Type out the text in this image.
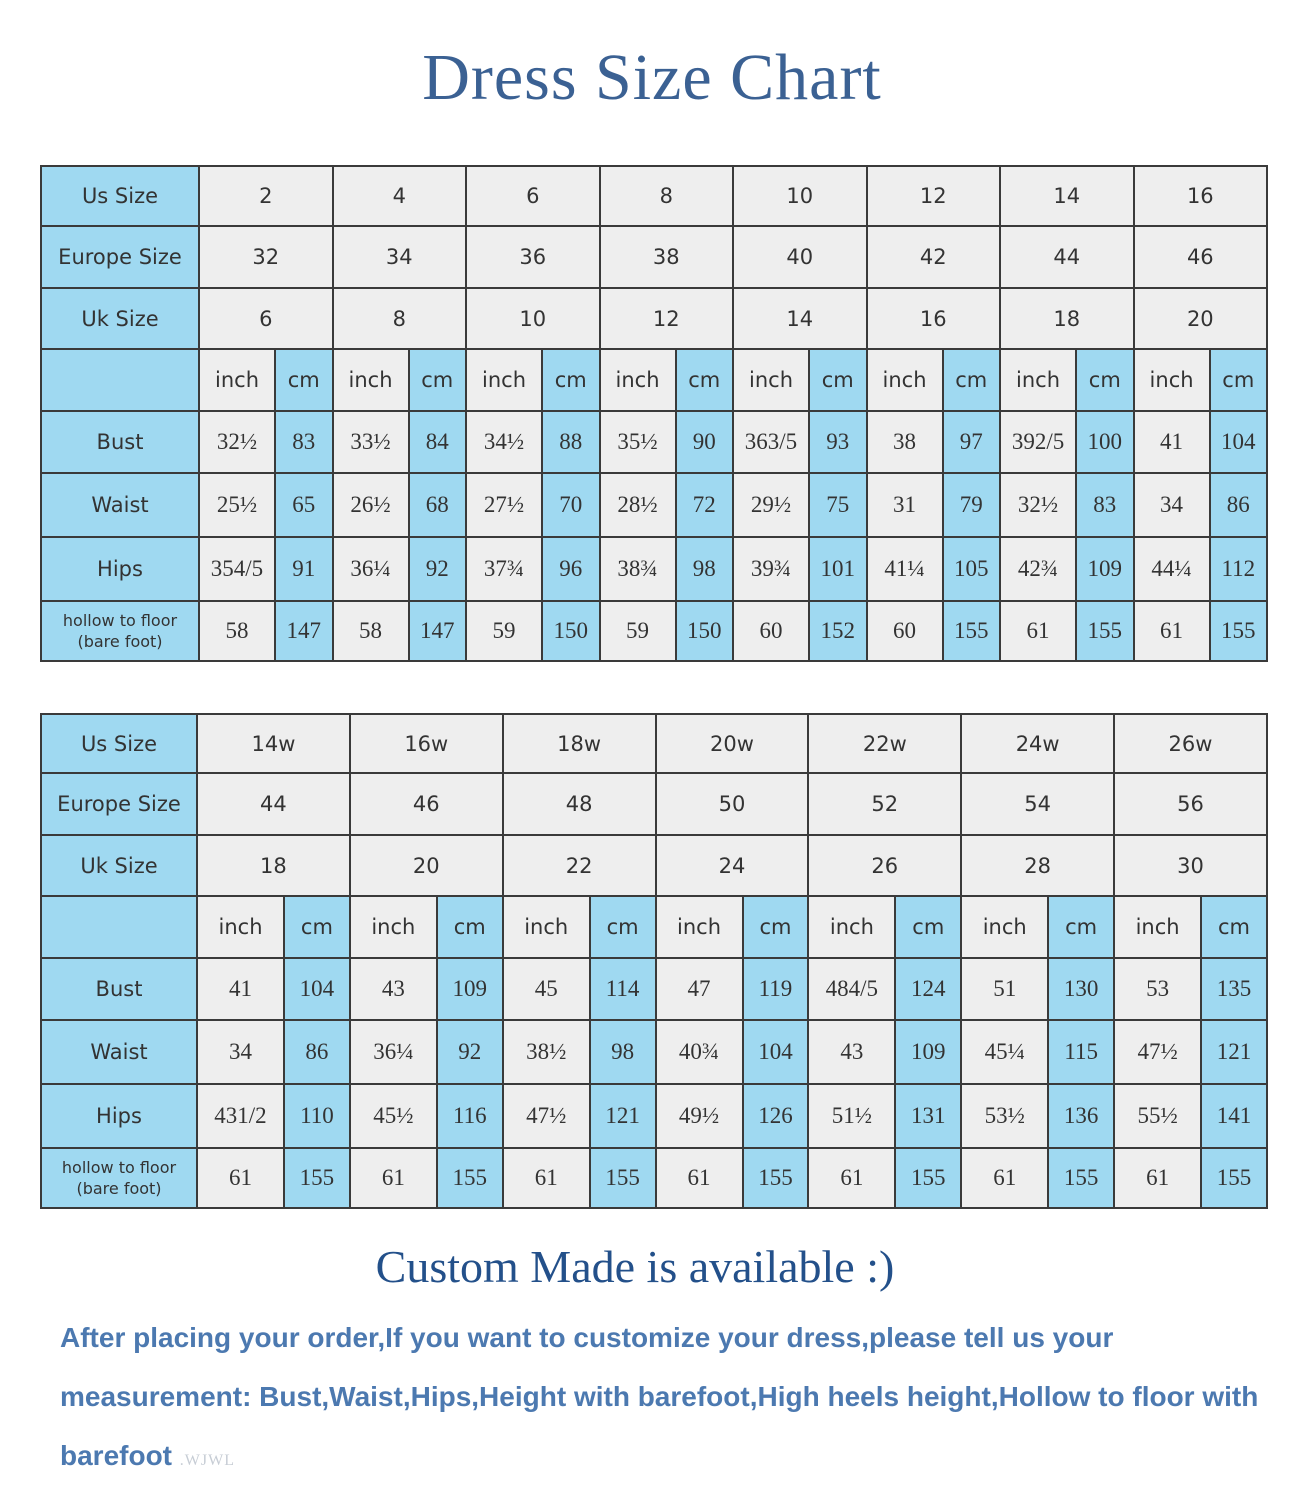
Dress Size Chart
Us Size	2		4		6		8		10		12		14		16	
Europe Size	32		34		36		38		40		42		44		46	
Uk Size	6		8		10		12		14		16		18		20	
	inch	cm	inch	cm	inch	cm	inch	cm	inch	cm	inch	cm	inch	cm	inch	cm
Bust	32½	83	33½	84	34½	88	35½	90	363/5	93	38	97	392/5	100	41	104
Waist	25½	65	26½	68	27½	70	28½	72	29½	75	31	79	32½	83	34	86
Hips	354/5	91	36¼	92	37¾	96	38¾	98	39¾	101	41¼	105	42¾	109	44¼	112

hollow to floor
(bare foot)	58	147	58	147	59	150	59	150	60	152	60	155	61	155	61	155
Us Size	14w		16w		18w		20w		22w		24w		26w	
Europe Size	44		46		48		50		52		54		56	
Uk Size	18		20		22		24		26		28		30	
	inch	cm	inch	cm	inch	cm	inch	cm	inch	cm	inch	cm	inch	cm
Bust	41	104	43	109	45	114	47	119	484/5	124	51	130	53	135
Waist	34	86	36¼	92	38½	98	40¾	104	43	109	45¼	115	47½	121
Hips	431/2	110	45½	116	47½	121	49½	126	51½	131	53½	136	55½	141

hollow to floor
(bare foot)	61	155	61	155	61	155	61	155	61	155	61	155	61	155
Custom Made is available :)
After placing your order,If you want to customize your dress,please tell us your measurement: Bust,Waist,Hips,Height with barefoot,High heels height,Hollow to floor with barefoot .WJWL
